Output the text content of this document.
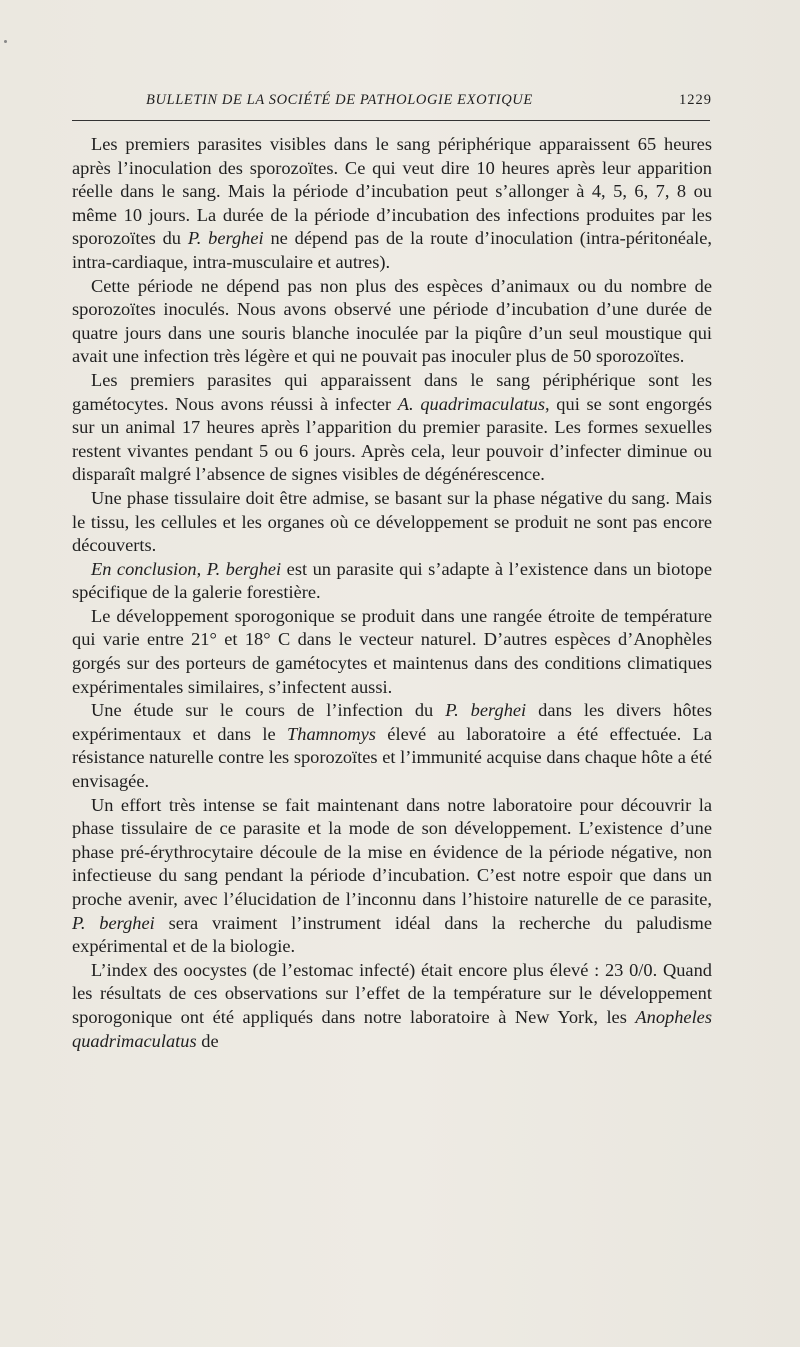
BULLETIN DE LA SOCIÉTÉ DE PATHOLOGIE EXOTIQUE	1229

Les premiers parasites visibles dans le sang périphérique apparaissent 65 heures après l’inoculation des sporozoïtes. Ce qui veut dire 10 heures après leur apparition réelle dans le sang. Mais la période d’incubation peut s’allonger à 4, 5, 6, 7, 8 ou même 10 jours. La durée de la période d’incubation des infections produites par les sporozoïtes du P. berghei ne dépend pas de la route d’inoculation (intra-péritonéale, intra-cardiaque, intra-musculaire et autres).

Cette période ne dépend pas non plus des espèces d’animaux ou du nombre de sporozoïtes inoculés. Nous avons observé une période d’incubation d’une durée de quatre jours dans une souris blanche inoculée par la piqûre d’un seul moustique qui avait une infection très légère et qui ne pouvait pas inoculer plus de 50 sporozoïtes.

Les premiers parasites qui apparaissent dans le sang périphérique sont les gamétocytes. Nous avons réussi à infecter A. quadrimaculatus, qui se sont engorgés sur un animal 17 heures après l’apparition du premier parasite. Les formes sexuelles restent vivantes pendant 5 ou 6 jours. Après cela, leur pouvoir d’infecter diminue ou disparaît malgré l’absence de signes visibles de dégénérescence.

Une phase tissulaire doit être admise, se basant sur la phase négative du sang. Mais le tissu, les cellules et les organes où ce développement se produit ne sont pas encore découverts.

En conclusion, P. berghei est un parasite qui s’adapte à l’existence dans un biotope spécifique de la galerie forestière.

Le développement sporogonique se produit dans une rangée étroite de température qui varie entre 21° et 18° C dans le vecteur naturel. D’autres espèces d’Anophèles gorgés sur des porteurs de gamétocytes et maintenus dans des conditions climatiques expérimentales similaires, s’infectent aussi.

Une étude sur le cours de l’infection du P. berghei dans les divers hôtes expérimentaux et dans le Thamnomys élevé au laboratoire a été effectuée. La résistance naturelle contre les sporozoïtes et l’immunité acquise dans chaque hôte a été envisagée.

Un effort très intense se fait maintenant dans notre laboratoire pour découvrir la phase tissulaire de ce parasite et la mode de son développement. L’existence d’une phase pré-érythrocytaire découle de la mise en évidence de la période négative, non infectieuse du sang pendant la période d’incubation. C’est notre espoir que dans un proche avenir, avec l’élucidation de l’inconnu dans l’histoire naturelle de ce parasite, P. berghei sera vraiment l’instrument idéal dans la recherche du paludisme expérimental et de la biologie.

L’index des oocystes (de l’estomac infecté) était encore plus élevé : 23 0/0. Quand les résultats de ces observations sur l’effet de la température sur le développement sporogonique ont été appliqués dans notre laboratoire à New York, les Anopheles quadrimaculatus de
